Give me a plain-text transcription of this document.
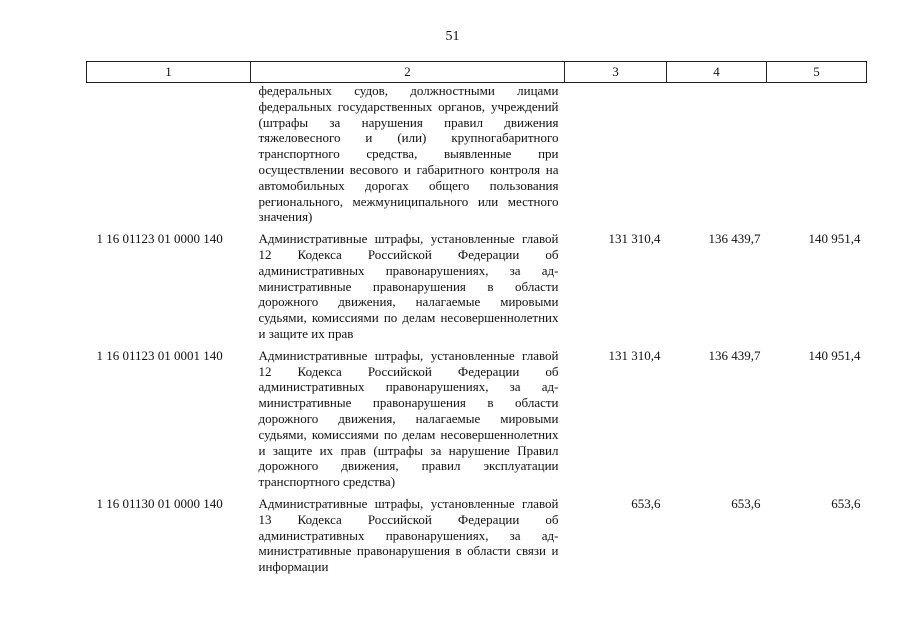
51
1	2	3	4	5
	федеральных судов, должностными лицами федеральных государственных органов, учреждений (штрафы за нарушения правил движения тяжеловесного и (или) крупногабаритного транспортного средства, выявленные при осуществлении весового и габаритного контроля на автомобильных дорогах общего пользования регионального, межмуниципального или местного значения)			
1 16 01123 01 0000 140	Административные штрафы, установленные главой 12 Кодекса Российской Федерации об административных правонарушениях, за административные правонарушения в области дорожного движения, налагаемые мировыми судьями, комиссиями по делам несовершеннолетних и защите их прав	131 310,4	136 439,7	140 951,4
1 16 01123 01 0001 140	Административные штрафы, установленные главой 12 Кодекса Российской Федерации об административных правонарушениях, за административные правонарушения в области дорожного движения, налагаемые мировыми судьями, комиссиями по делам несовершеннолетних и защите их прав (штрафы за нарушение Правил дорожного движения, правил эксплуатации транспортного средства)	131 310,4	136 439,7	140 951,4
1 16 01130 01 0000 140	Административные штрафы, установленные главой 13 Кодекса Российской Федерации об административных правонарушениях, за административные правонарушения в области связи и информации	653,6	653,6	653,6
